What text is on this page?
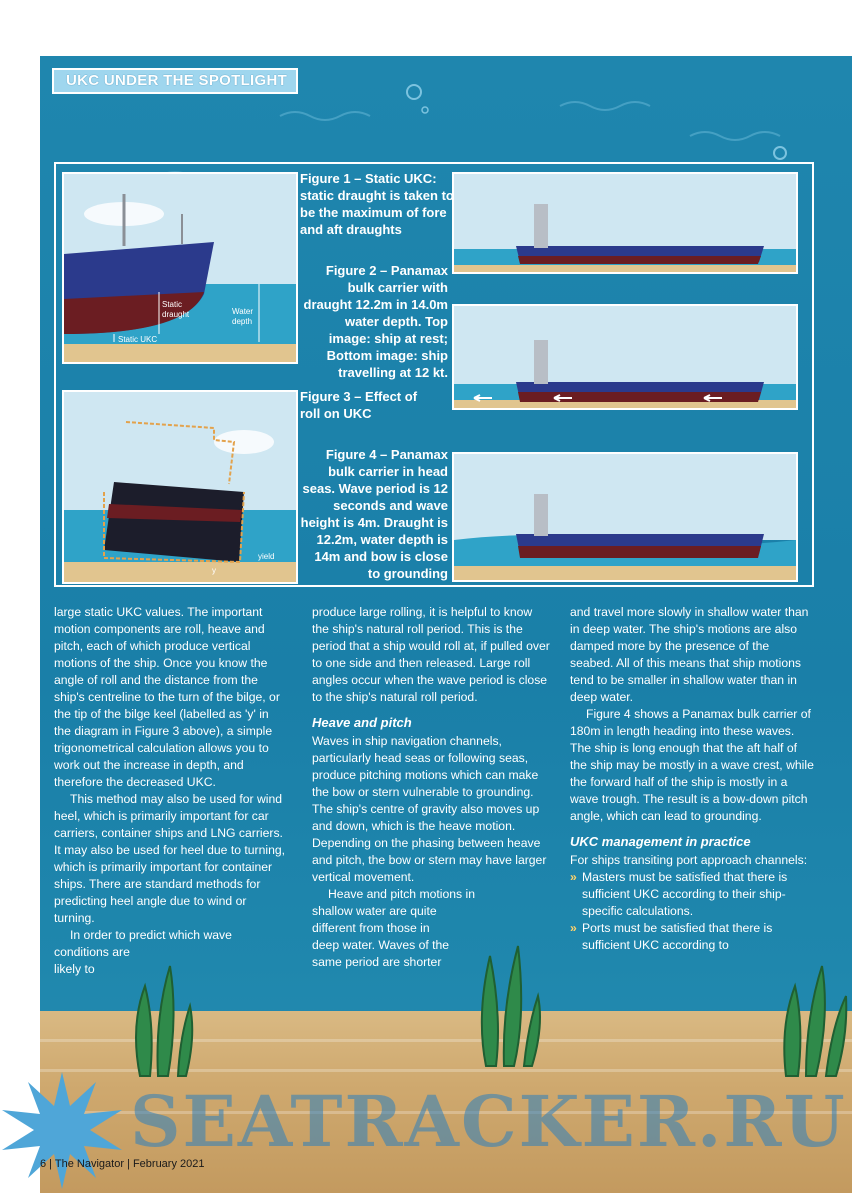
UKC UNDER THE SPOTLIGHT
Static draught	Water depth
Static UKC
Figure 1 – Static UKC: static draught is taken to be the maximum of fore and aft draughts
Figure 2 – Panamax bulk carrier with draught 12.2m in 14.0m water depth. Top image: ship at rest; Bottom image: ship travelling at 12 kt.
y
yield
Figure 3 – Effect of roll on UKC
Figure 4 – Panamax bulk carrier in head seas. Wave period is 12 seconds and wave height is 4m. Draught is 12.2m, water depth is 14m and bow is close to grounding

large static UKC values. The important motion components are roll, heave and pitch, each of which produce vertical motions of the ship. Once you know the angle of roll and the distance from the ship's centreline to the turn of the bilge, or the tip of the bilge keel (labelled as 'y' in the diagram in Figure 3 above), a simple trigonometrical calculation allows you to work out the increase in depth, and therefore the decreased UKC.

This method may also be used for wind heel, which is primarily important for car carriers, container ships and LNG carriers. It may also be used for heel due to turning, which is primarily important for container ships. There are standard methods for predicting heel angle due to wind or turning.

In order to predict which wave

conditions are

likely to

produce large rolling, it is helpful to know the ship's natural roll period. This is the period that a ship would roll at, if pulled over to one side and then released. Large roll angles occur when the wave period is close to the ship's natural roll period.

Heave and pitch

Waves in ship navigation channels, particularly head seas or following seas, produce pitching motions which can make the bow or stern vulnerable to grounding. The ship's centre of gravity also moves up and down, which is the heave motion. Depending on the phasing between heave and pitch, the bow or stern may have larger vertical movement.

Heave and pitch motions in

shallow water are quite

different from those in

deep water. Waves of the

same period are shorter

and travel more slowly in shallow water than in deep water. The ship's motions are also damped more by the presence of the seabed. All of this means that ship motions tend to be smaller in shallow water than in deep water.

Figure 4 shows a Panamax bulk carrier of 180m in length heading into these waves. The ship is long enough that the aft half of the ship may be mostly in a wave crest, while the forward half of the ship is mostly in a wave trough. The result is a bow-down pitch angle, which can lead to grounding.

UKC management in practice

For ships transiting port approach channels:

» Masters must be satisfied that there is sufficient UKC according to their ship-specific calculations.

» Ports must be satisfied that there is sufficient UKC according to

SEATRACKER.RU
6 | The Navigator | February 2021
